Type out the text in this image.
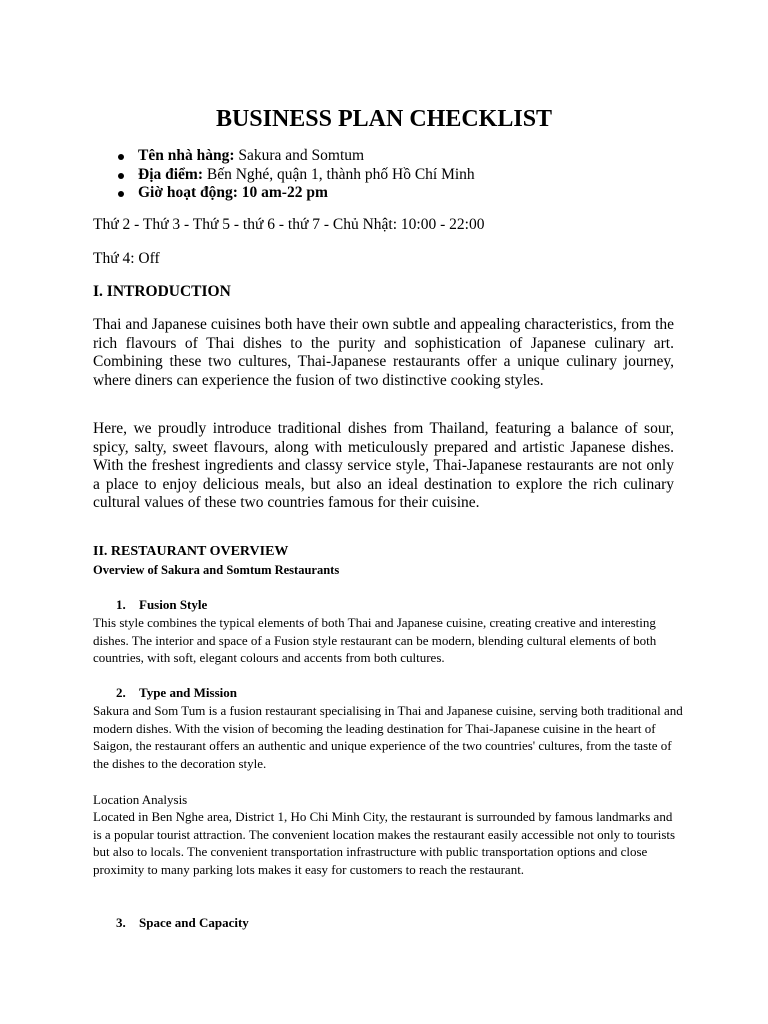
BUSINESS PLAN CHECKLIST
Tên nhà hàng: Sakura and Somtum
Địa điểm: Bến Nghé, quận 1, thành phố Hồ Chí Minh
Giờ hoạt động: 10 am-22 pm

Thứ 2 - Thứ 3 - Thứ 5 - thứ 6 - thứ 7 - Chủ Nhật: 10:00 - 22:00

Thứ 4: Off

I. INTRODUCTION

Thai and Japanese cuisines both have their own subtle and appealing characteristics, from the rich flavours of Thai dishes to the purity and sophistication of Japanese culinary art. Combining these two cultures, Thai-Japanese restaurants offer a unique culinary journey, where diners can experience the fusion of two distinctive cooking styles.

Here, we proudly introduce traditional dishes from Thailand, featuring a balance of sour, spicy, salty, sweet flavours, along with meticulously prepared and artistic Japanese dishes. With the freshest ingredients and classy service style, Thai-Japanese restaurants are not only a place to enjoy delicious meals, but also an ideal destination to explore the rich culinary cultural values of these two countries famous for their cuisine.

II. RESTAURANT OVERVIEW
Overview of Sakura and Somtum Restaurants
1. Fusion Style

This style combines the typical elements of both Thai and Japanese cuisine, creating creative and interesting dishes. The interior and space of a Fusion style restaurant can be modern, blending cultural elements of both countries, with soft, elegant colours and accents from both cultures.

2. Type and Mission

Sakura and Som Tum is a fusion restaurant specialising in Thai and Japanese cuisine, serving both traditional and modern dishes. With the vision of becoming the leading destination for Thai-Japanese cuisine in the heart of Saigon, the restaurant offers an authentic and unique experience of the two countries' cultures, from the taste of the dishes to the decoration style.

Location Analysis

Located in Ben Nghe area, District 1, Ho Chi Minh City, the restaurant is surrounded by famous landmarks and is a popular tourist attraction. The convenient location makes the restaurant easily accessible not only to tourists but also to locals. The convenient transportation infrastructure with public transportation options and close proximity to many parking lots makes it easy for customers to reach the restaurant.

3. Space and Capacity
